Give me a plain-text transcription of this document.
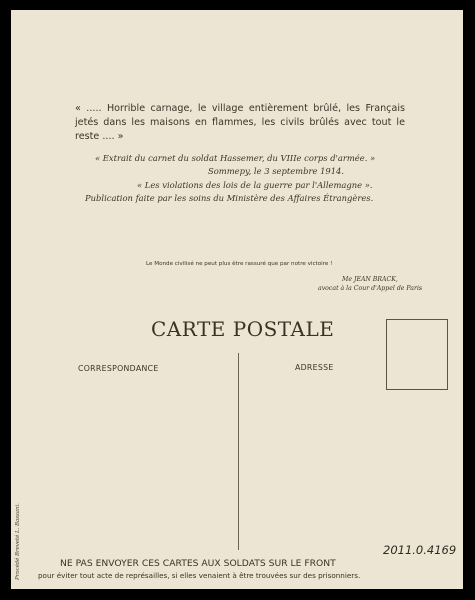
« ..... Horrible carnage, le village entièrement brûlé, les Français jetés dans les maisons en flammes, les civils brûlés avec tout le reste .... »
« Extrait du carnet du soldat Hassemer, du VIIIe corps d'armée. »
Sommepy, le 3 septembre 1914.
« Les violations des lois de la guerre par l'Allemagne ».
Publication faite par les soins du Ministère des Affaires Étrangères.
Le Monde civilisé ne peut plus être rassuré que par notre victoire !
Me JEAN BRACK,
avocat à la Cour d'Appel de Paris
CARTE POSTALE
CORRESPONDANCE	ADRESSE
Procédé Breveté L. Bassani.	2011.0.4169
NE PAS ENVOYER CES CARTES AUX SOLDATS SUR LE FRONT
pour éviter tout acte de représailles, si elles venaient à être trouvées sur des prisonniers.
